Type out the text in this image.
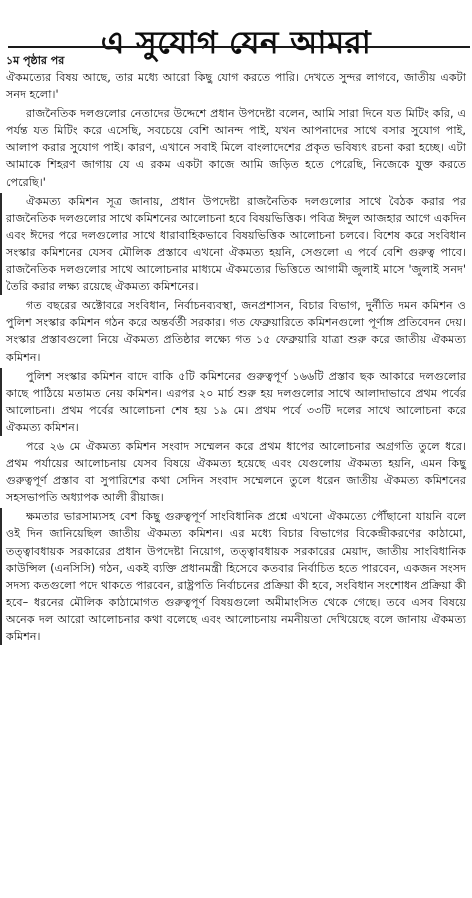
এ সুযোগ যেন আমরা

১ম পৃষ্ঠার পর

ঐকমত্যের বিষয় আছে, তার মধ্যে আরো কিছু যোগ করতে পারি। দেখতে সুন্দর লাগবে, জাতীয় একটা সনদ হলো।'

রাজনৈতিক দলগুলোর নেতাদের উদ্দেশে প্রধান উপদেষ্টা বলেন, আমি সারা দিনে যত মিটিং করি, এ পর্যন্ত যত মিটিং করে এসেছি, সবচেয়ে বেশি আনন্দ পাই, যখন আপনাদের সাথে বসার সুযোগ পাই, আলাপ করার সুযোগ পাই। কারণ, এখানে সবাই মিলে বাংলাদেশের প্রকৃত ভবিষ্যৎ রচনা করা হচ্ছে। এটা আমাকে শিহরণ জাগায় যে এ রকম একটা কাজে আমি জড়িত হতে পেরেছি, নিজেকে যুক্ত করতে পেরেছি।'

ঐকমত্য কমিশন সূত্র জানায়, প্রধান উপদেষ্টা রাজনৈতিক দলগুলোর সাথে বৈঠক করার পর রাজনৈতিক দলগুলোর সাথে কমিশনের আলোচনা হবে বিষয়ভিত্তিক। পবিত্র ঈদুল আজহার আগে একদিন এবং ঈদের পরে দলগুলোর সাথে ধারাবাহিকভাবে বিষয়ভিত্তিক আলোচনা চলবে। বিশেষ করে সংবিধান সংস্কার কমিশনের যেসব মৌলিক প্রস্তাবে এখনো ঐকমত্য হয়নি, সেগুলো এ পর্বে বেশি গুরুত্ব পাবে। রাজনৈতিক দলগুলোর সাথে আলোচনার মাধ্যমে ঐকমত্যের ভিত্তিতে আগামী জুলাই মাসে 'জুলাই সনদ' তৈরি করার লক্ষ্য রয়েছে ঐকমত্য কমিশনের।

গত বছরের অক্টোবরে সংবিধান, নির্বাচনব্যবস্থা, জনপ্রশাসন, বিচার বিভাগ, দুর্নীতি দমন কমিশন ও পুলিশ সংস্কার কমিশন গঠন করে অন্তর্বর্তী সরকার। গত ফেব্রুয়ারিতে কমিশনগুলো পূর্ণাঙ্গ প্রতিবেদন দেয়। সংস্কার প্রস্তাবগুলো নিয়ে ঐকমত্য প্রতিষ্ঠার লক্ষ্যে গত ১৫ ফেব্রুয়ারি যাত্রা শুরু করে জাতীয় ঐকমত্য কমিশন।

পুলিশ সংস্কার কমিশন বাদে বাকি ৫টি কমিশনের গুরুত্বপূর্ণ ১৬৬টি প্রস্তাব ছক আকারে দলগুলোর কাছে পাঠিয়ে মতামত নেয় কমিশন। এরপর ২০ মার্চ শুরু হয় দলগুলোর সাথে আলাদাভাবে প্রথম পর্বের আলোচনা। প্রথম পর্বের আলোচনা শেষ হয় ১৯ মে। প্রথম পর্বে ৩৩টি দলের সাথে আলোচনা করে ঐকমত্য কমিশন।

পরে ২৬ মে ঐকমত্য কমিশন সংবাদ সম্মেলন করে প্রথম ধাপের আলোচনার অগ্রগতি তুলে ধরে। প্রথম পর্যায়ের আলোচনায় যেসব বিষয়ে ঐকমত্য হয়েছে এবং যেগুলোয় ঐকমত্য হয়নি, এমন কিছু গুরুত্বপূর্ণ প্রস্তাব বা সুপারিশের কথা সেদিন সংবাদ সম্মেলনে তুলে ধরেন জাতীয় ঐকমত্য কমিশনের সহসভাপতি অধ্যাপক আলী রীয়াজ।

ক্ষমতার ভারসাম্যসহ বেশ কিছু গুরুত্বপূর্ণ সাংবিধানিক প্রশ্নে এখনো ঐকমত্যে পৌঁছানো যায়নি বলে ওই দিন জানিয়েছিল জাতীয় ঐকমত্য কমিশন। এর মধ্যে বিচার বিভাগের বিকেন্দ্রীকরণের কাঠামো, তত্ত্বাবধায়ক সরকারের প্রধান উপদেষ্টা নিয়োগ, তত্ত্বাবধায়ক সরকারের মেয়াদ, জাতীয় সাংবিধানিক কাউন্সিল (এনসিসি) গঠন, একই ব্যক্তি প্রধানমন্ত্রী হিসেবে কতবার নির্বাচিত হতে পারবেন, একজন সংসদ সদস্য কতগুলো পদে থাকতে পারবেন, রাষ্ট্রপতি নির্বাচনের প্রক্রিয়া কী হবে, সংবিধান সংশোধন প্রক্রিয়া কী হবে– ধরনের মৌলিক কাঠামোগত গুরুত্বপূর্ণ বিষয়গুলো অমীমাংসিত থেকে গেছে। তবে এসব বিষয়ে অনেক দল আরো আলোচনার কথা বলেছে এবং আলোচনায় নমনীয়তা দেখিয়েছে বলে জানায় ঐকমত্য কমিশন।
